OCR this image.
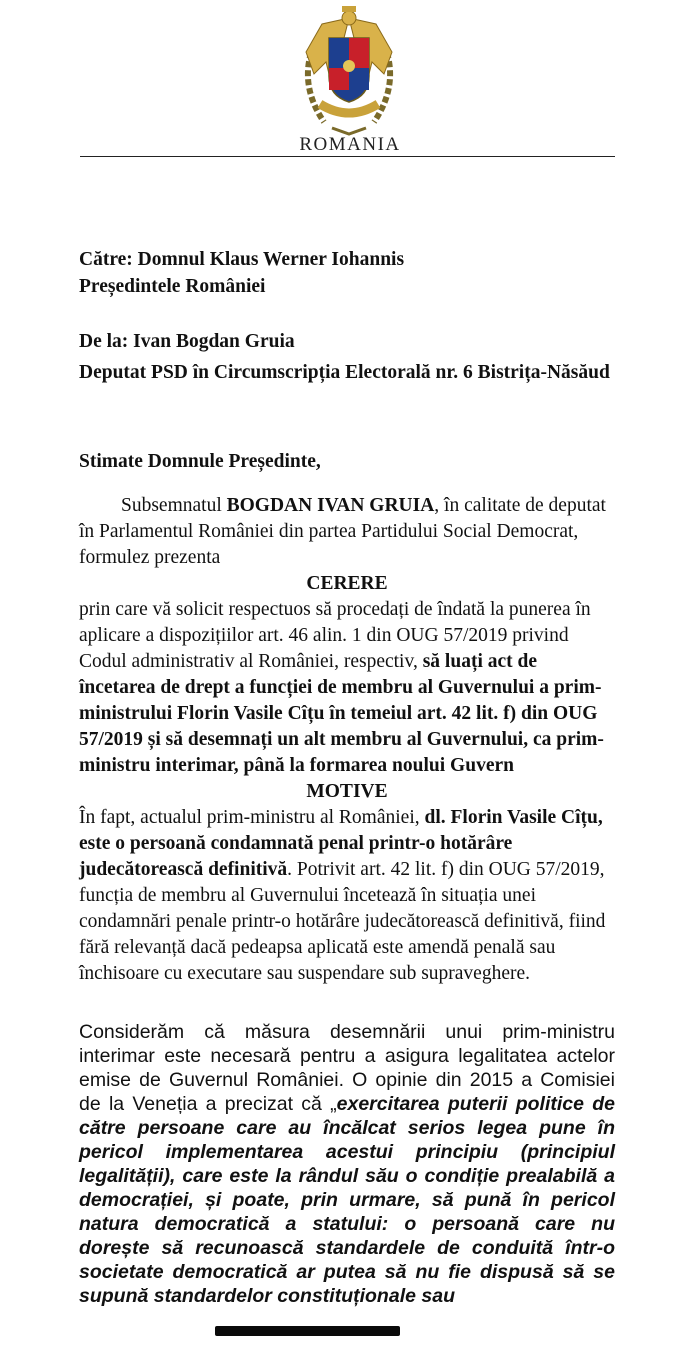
ROMANIA

Către: Domnul Klaus Werner Iohannis

Președintele României

De la: Ivan Bogdan Gruia

Deputat PSD în Circumscripția Electorală nr. 6 Bistrița-Năsăud

Stimate Domnule Președinte,

Subsemnatul BOGDAN IVAN GRUIA, în calitate de deputat în Parlamentul României din partea Partidului Social Democrat, formulez prezenta

CERERE

prin care vă solicit respectuos să procedați de îndată la punerea în aplicare a dispozițiilor art. 46 alin. 1 din OUG 57/2019 privind Codul administrativ al României, respectiv, să luați act de încetarea de drept a funcției de membru al Guvernului a prim-ministrului Florin Vasile Cîțu în temeiul art. 42 lit. f) din OUG 57/2019 și să desemnați un alt membru al Guvernului, ca prim-ministru interimar, până la formarea noului Guvern

MOTIVE

În fapt, actualul prim-ministru al României, dl. Florin Vasile Cîțu, este o persoană condamnată penal printr-o hotărâre judecătorească definitivă. Potrivit art. 42 lit. f) din OUG 57/2019, funcția de membru al Guvernului încetează în situația unei condamnări penale printr-o hotărâre judecătorească definitivă, fiind fără relevanță dacă pedeapsa aplicată este amendă penală sau închisoare cu executare sau suspendare sub supraveghere.

Considerăm că măsura desemnării unui prim-ministru interimar este necesară pentru a asigura legalitatea actelor emise de Guvernul României. O opinie din 2015 a Comisiei de la Veneția a precizat că „exercitarea puterii politice de către persoane care au încălcat serios legea pune în pericol implementarea acestui principiu (principiul legalității), care este la rândul său o condiție prealabilă a democrației, și poate, prin urmare, să pună în pericol natura democratică a statului: o persoană care nu dorește să recunoască standardele de conduită într-o societate democratică ar putea să nu fie dispusă să se supună standardelor constituționale sau
